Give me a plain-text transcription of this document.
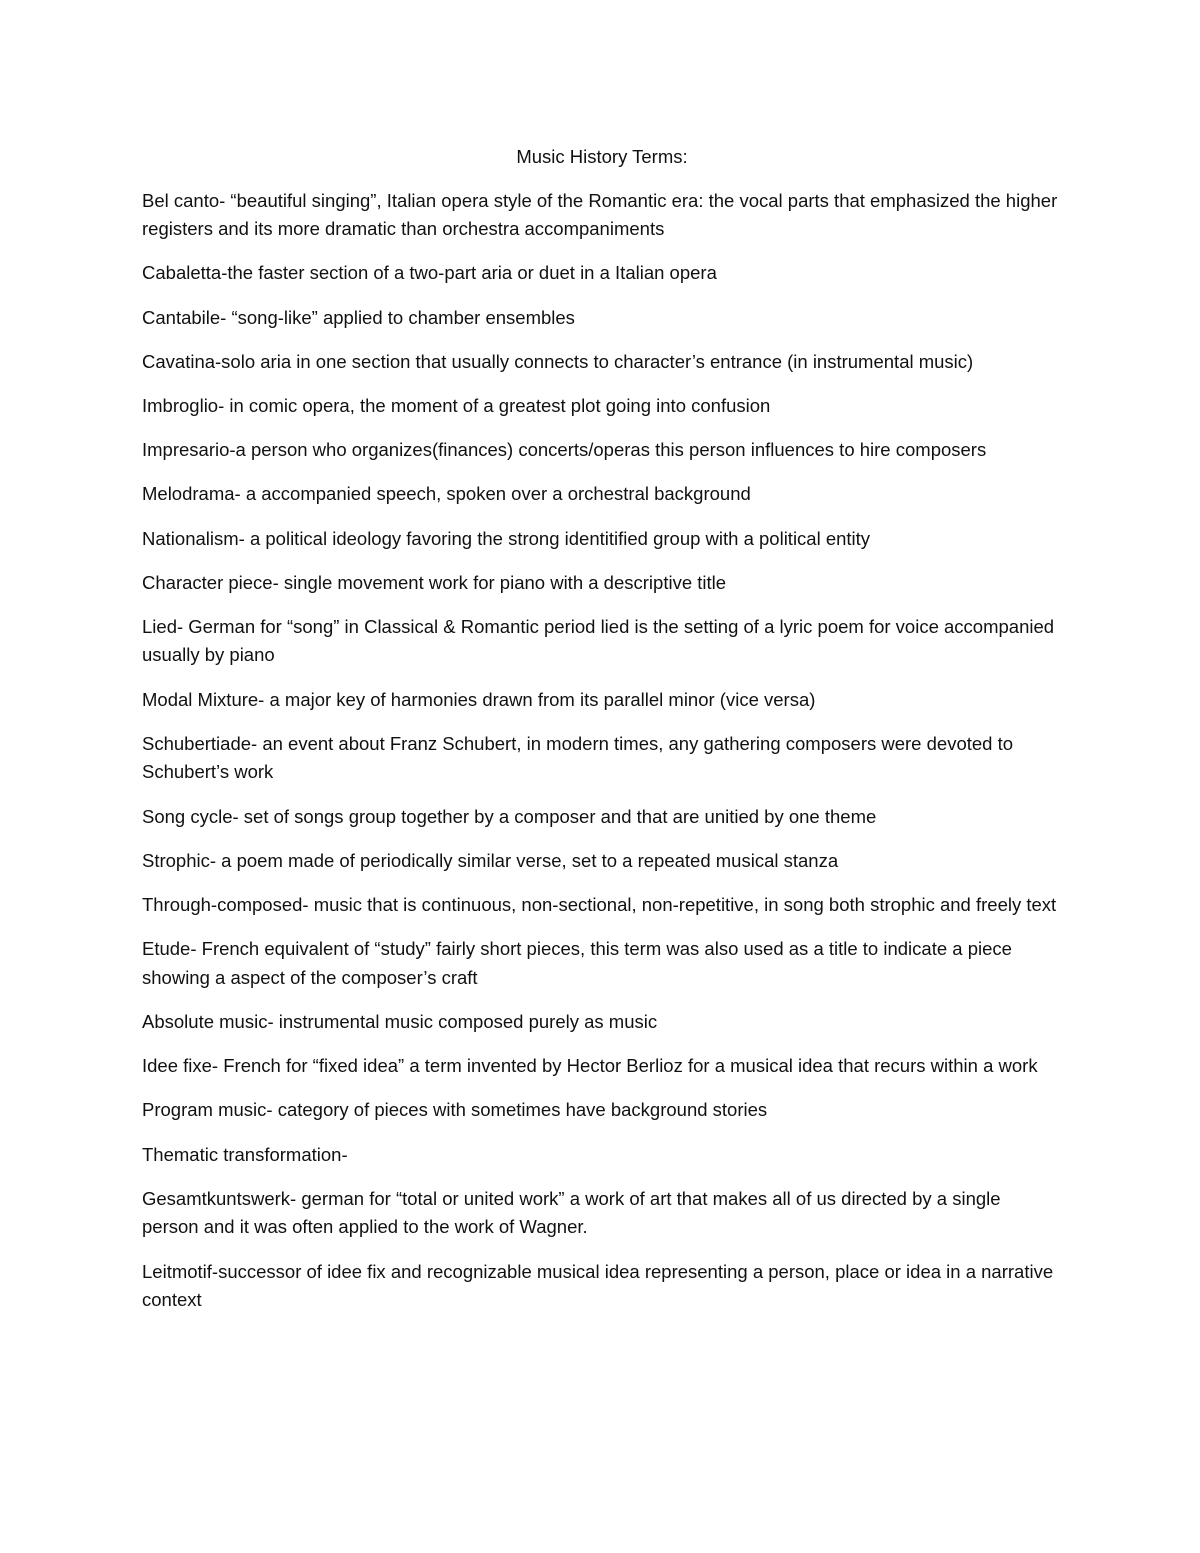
Music History Terms:

Bel canto- “beautiful singing”, Italian opera style of the Romantic era: the vocal parts that emphasized the higher registers and its more dramatic than orchestra accompaniments

Cabaletta-the faster section of a two-part aria or duet in a Italian opera

Cantabile- “song-like” applied to chamber ensembles

Cavatina-solo aria in one section that usually connects to character’s entrance (in instrumental music)

Imbroglio- in comic opera, the moment of a greatest plot going into confusion

Impresario-a person who organizes(finances) concerts/operas this person influences to hire composers

Melodrama- a accompanied speech, spoken over a orchestral background

Nationalism- a political ideology favoring the strong identitified group with a political entity

Character piece- single movement work for piano with a descriptive title

Lied- German for “song” in Classical & Romantic period lied is the setting of a lyric poem for voice accompanied usually by piano

Modal Mixture- a major key of harmonies drawn from its parallel minor (vice versa)

Schubertiade- an event about Franz Schubert, in modern times, any gathering composers were devoted to Schubert’s work

Song cycle- set of songs group together by a composer and that are unitied by one theme

Strophic- a poem made of periodically similar verse, set to a repeated musical stanza

Through-composed- music that is continuous, non-sectional, non-repetitive, in song both strophic and freely text

Etude- French equivalent of “study” fairly short pieces, this term was also used as a title to indicate a piece showing a aspect of the composer’s craft

Absolute music- instrumental music composed purely as music

Idee fixe- French for “fixed idea” a term invented by Hector Berlioz for a musical idea that recurs within a work

Program music- category of pieces with sometimes have background stories

Thematic transformation-

Gesamtkuntswerk- german for “total or united work” a work of art that makes all of us directed by a single person and it was often applied to the work of Wagner.

Leitmotif-successor of idee fix and recognizable musical idea representing a person, place or idea in a narrative context
